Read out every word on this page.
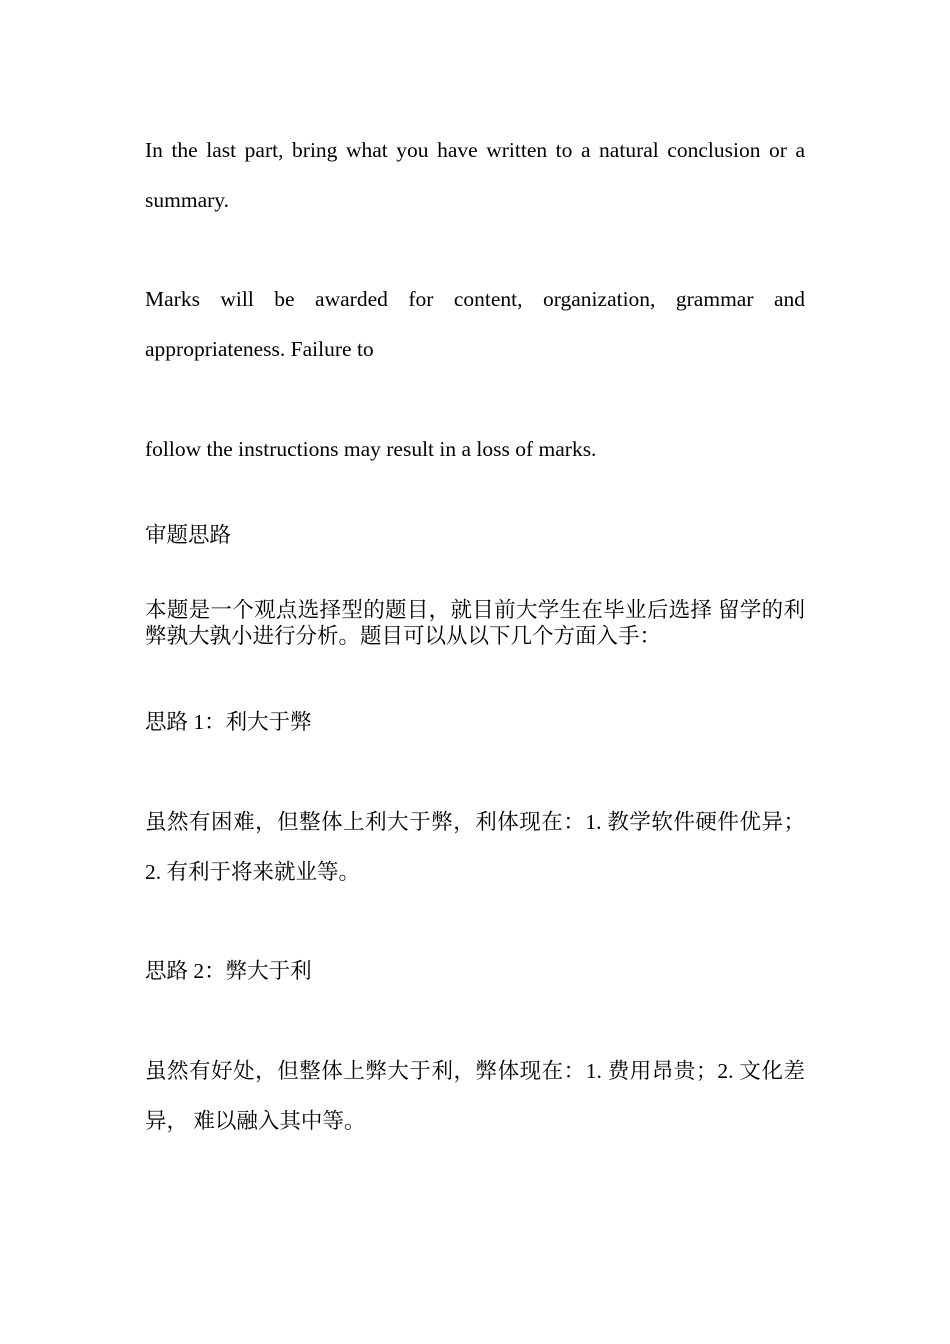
In the last part, bring what you have written to a natural conclusion or a summary.

Marks will be awarded for content, organization, grammar and appropriateness. Failure to

follow the instructions may result in a loss of marks.

审题思路

本题是一个观点选择型的题目，就目前大学生在毕业后选择 留学的利弊孰大孰小进行分析。题目可以从以下几个方面入手：

思路 1：利大于弊

虽然有困难，但整体上利大于弊，利体现在：1. 教学软件硬件优异；2. 有利于将来就业等。

思路 2：弊大于利

虽然有好处，但整体上弊大于利，弊体现在：1. 费用昂贵；2. 文化差异， 难以融入其中等。
